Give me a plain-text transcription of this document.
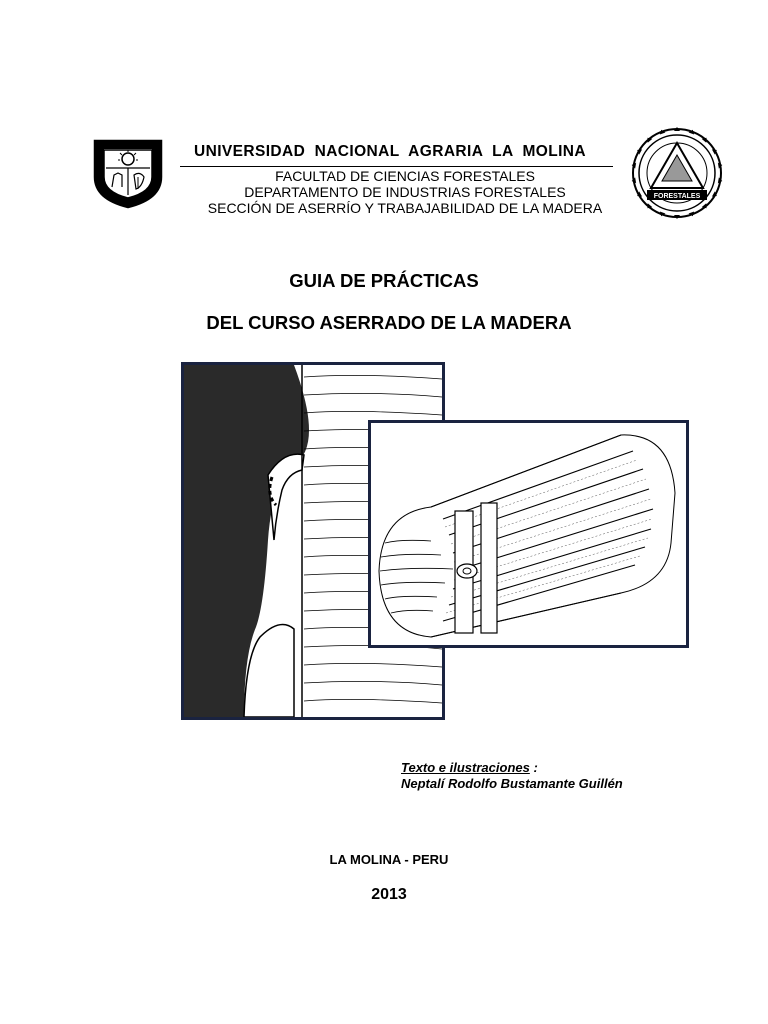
FORESTALES
UNIVERSIDAD  NACIONAL  AGRARIA  LA  MOLINA
FACULTAD DE CIENCIAS FORESTALES
DEPARTAMENTO DE INDUSTRIAS FORESTALES
SECCIÓN DE ASERRÍO Y TRABAJABILIDAD DE LA MADERA
GUIA DE PRÁCTICAS
DEL CURSO ASERRADO DE LA MADERA
Texto e ilustraciones :
Neptalí Rodolfo Bustamante Guillén
LA MOLINA - PERU
2013
